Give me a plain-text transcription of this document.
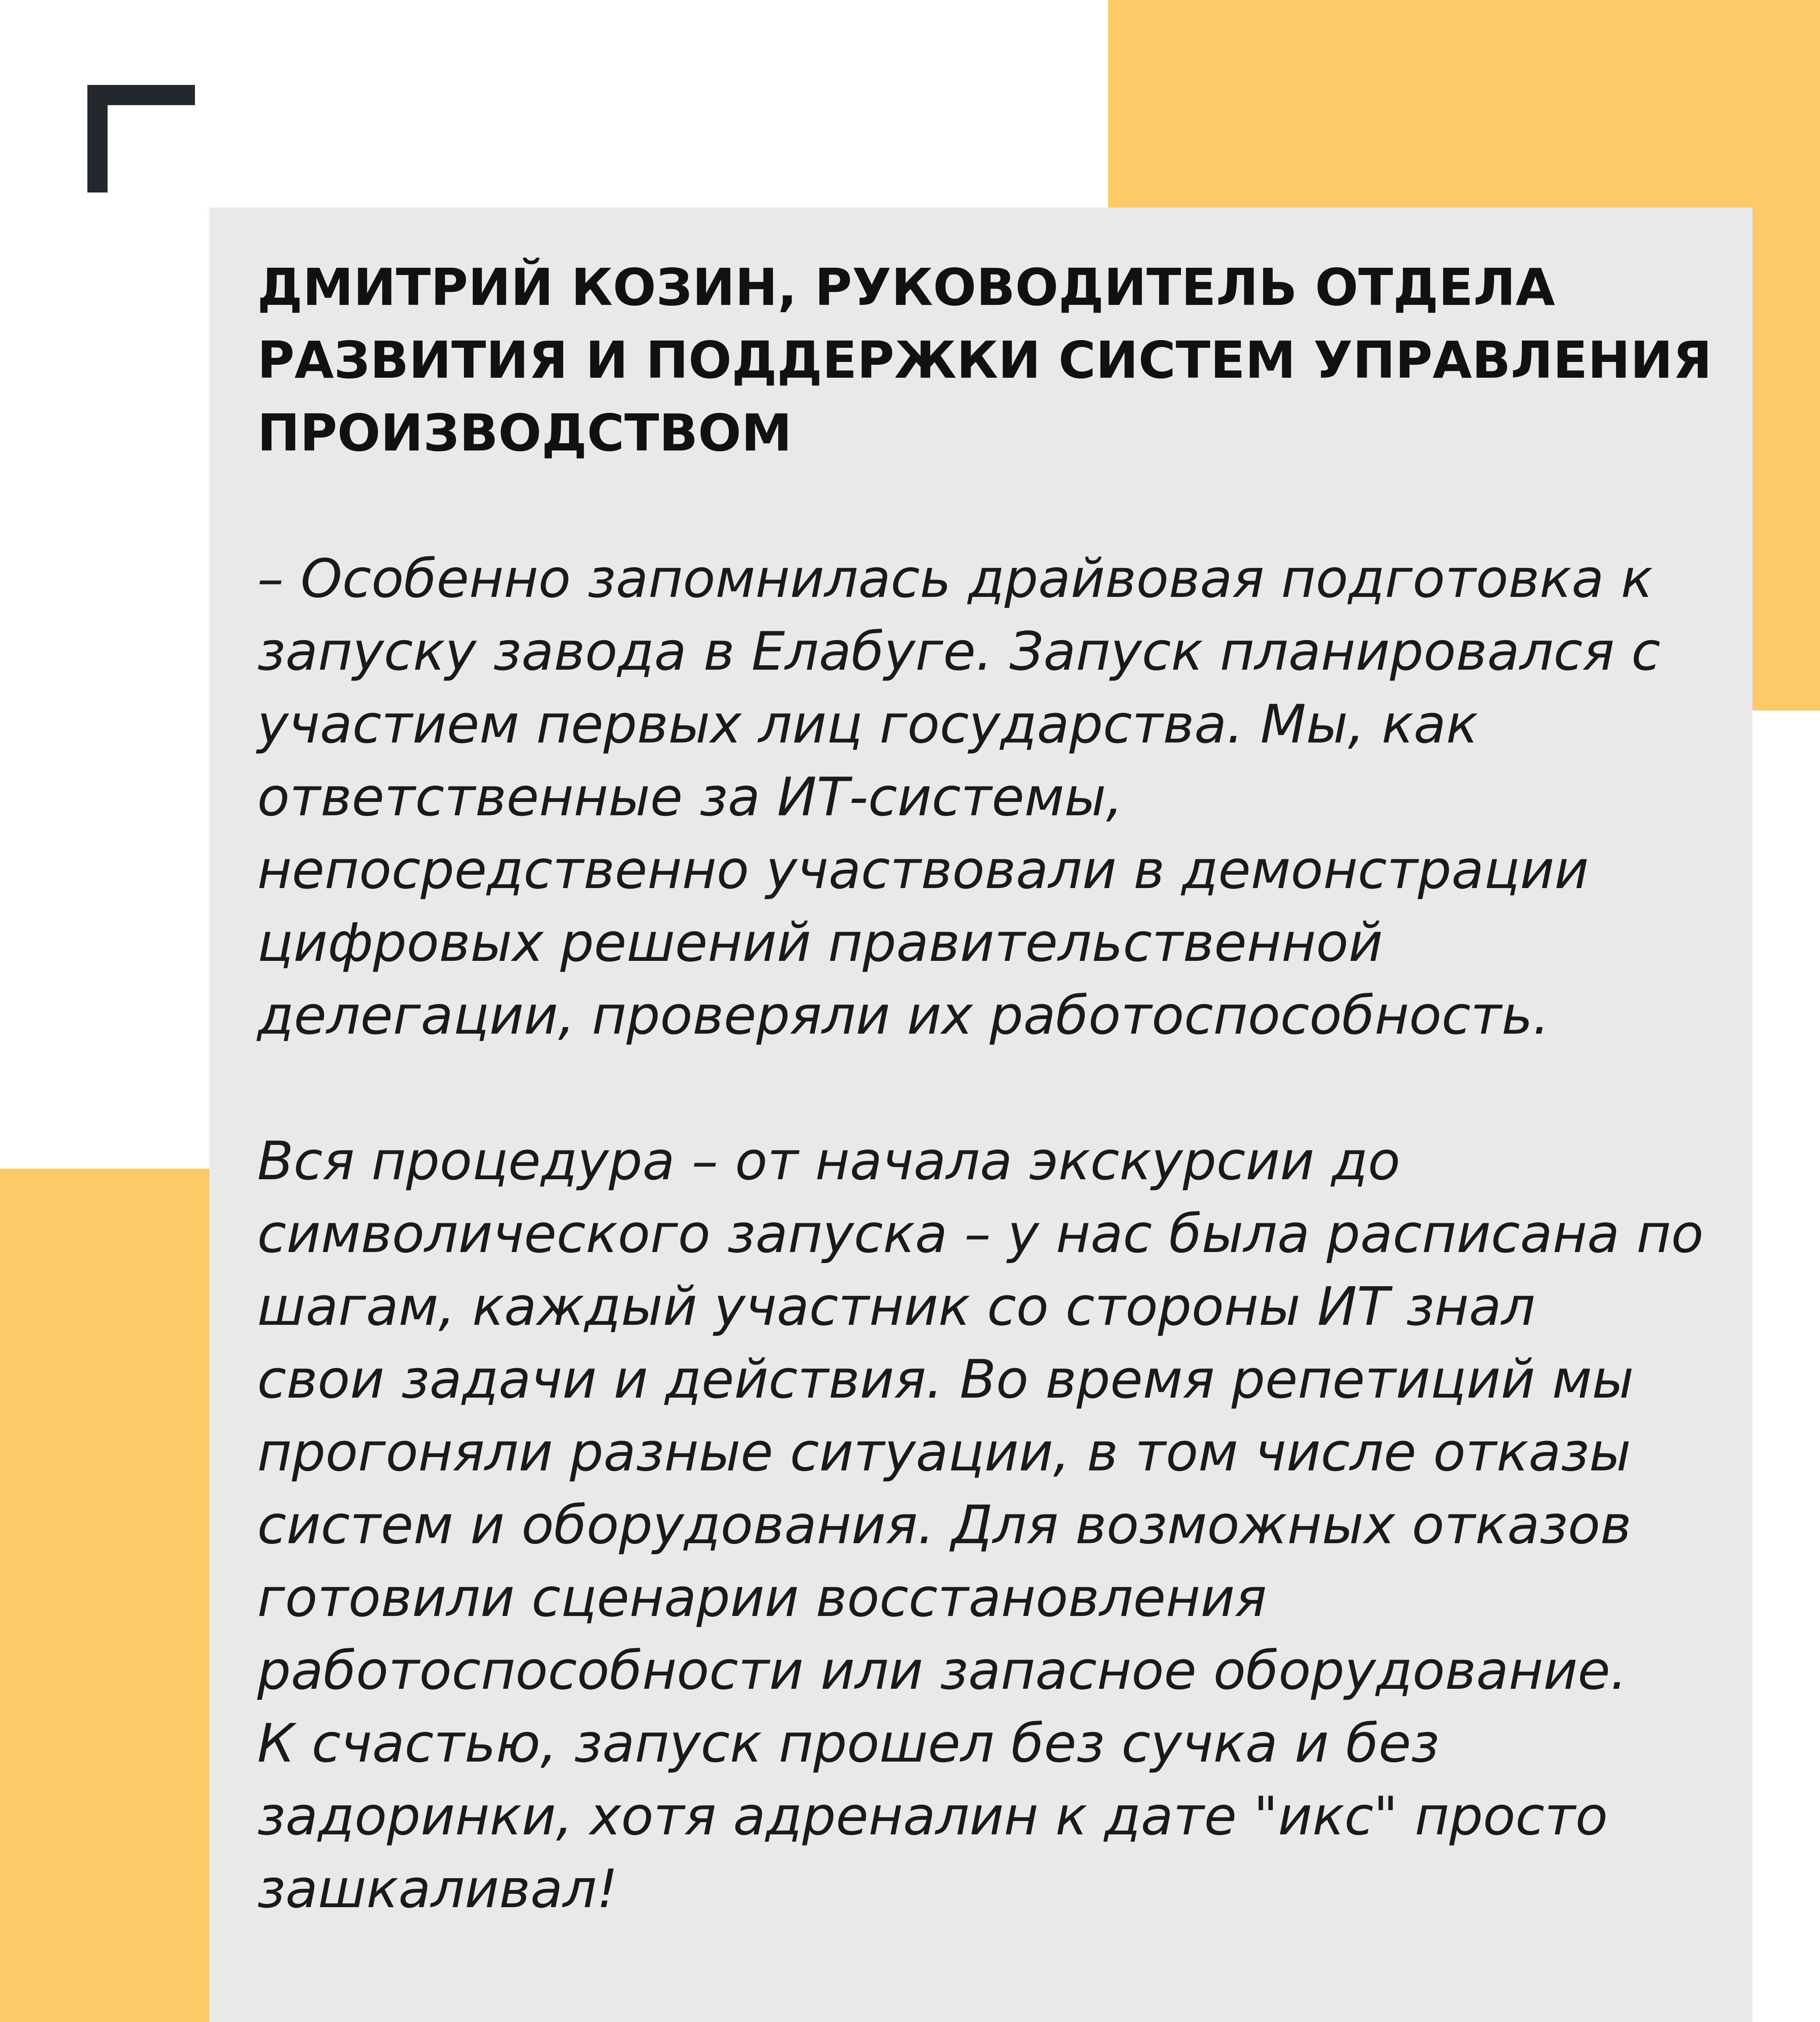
ДМИТРИЙ КОЗИН, РУКОВОДИТЕЛЬ ОТДЕЛА
РАЗВИТИЯ И ПОДДЕРЖКИ СИСТЕМ УПРАВЛЕНИЯ
ПРОИЗВОДСТВОМ

– Особенно запомнилась драйвовая подготовка к
запуску завода в Елабуге. Запуск планировался с
участием первых лиц государства. Мы, как
ответственные за ИТ-системы,
непосредственно участвовали в демонстрации
цифровых решений правительственной
делегации, проверяли их работоспособность.

Вся процедура – от начала экскурсии до
символического запуска – у нас была расписана по
шагам, каждый участник со стороны ИТ знал
свои задачи и действия. Во время репетиций мы
прогоняли разные ситуации, в том числе отказы
систем и оборудования. Для возможных отказов
готовили сценарии восстановления
работоспособности или запасное оборудование.
К счастью, запуск прошел без сучка и без
задоринки, хотя адреналин к дате "икс" просто
зашкаливал!
